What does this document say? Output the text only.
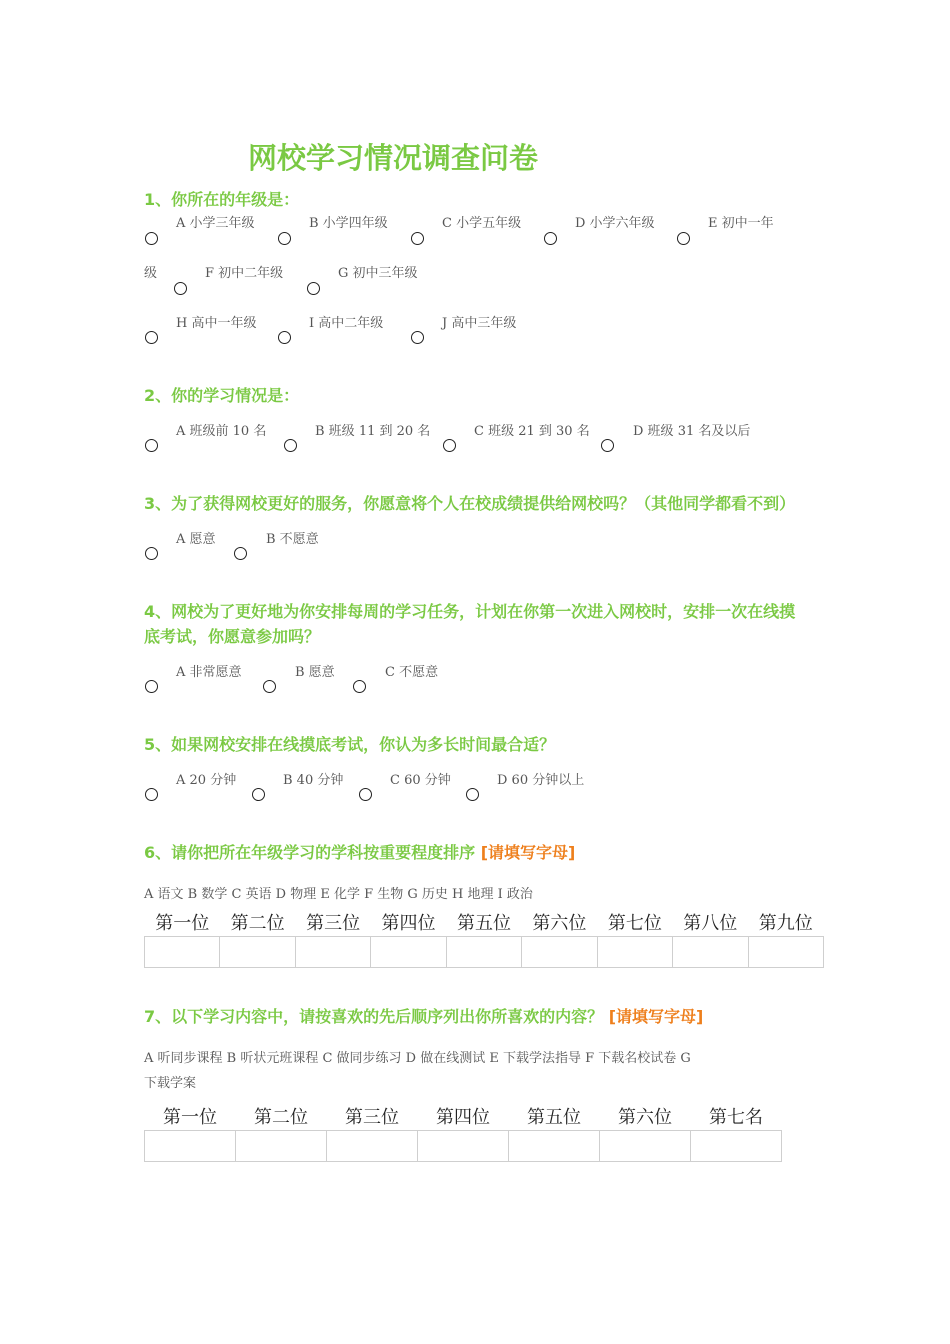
网校学习情况调查问卷
1、你所在的年级是：
A 小学三年级	B 小学四年级	C 小学五年级	D 小学六年级	E 初中一年
级	F 初中二年级	G 初中三年级
H 高中一年级	I 高中二年级	J 高中三年级
2、你的学习情况是：
A 班级前 10 名	B 班级 11 到 20 名	C 班级 21 到 30 名	D 班级 31 名及以后
3、为了获得网校更好的服务，你愿意将个人在校成绩提供给网校吗？（其他同学都看不到）
A 愿意	B 不愿意
4、网校为了更好地为你安排每周的学习任务，计划在你第一次进入网校时，安排一次在线摸
底考试，你愿意参加吗？
A 非常愿意	B 愿意	C 不愿意
5、如果网校安排在线摸底考试，你认为多长时间最合适？
A 20 分钟	B 40 分钟	C 60 分钟	D 60 分钟以上
6、请你把所在年级学习的学科按重要程度排序 [请填写字母]
A 语文 B 数学 C 英语 D 物理 E 化学 F 生物 G 历史 H 地理 I 政治
第一位	第二位	第三位	第四位	第五位	第六位	第七位	第八位	第九位

7、以下学习内容中，请按喜欢的先后顺序列出你所喜欢的内容？ [请填写字母]
A 听同步课程 B 听状元班课程 C 做同步练习 D 做在线测试 E 下载学法指导 F 下载名校试卷 G
下载学案
第一位	第二位	第三位	第四位	第五位	第六位	第七名
